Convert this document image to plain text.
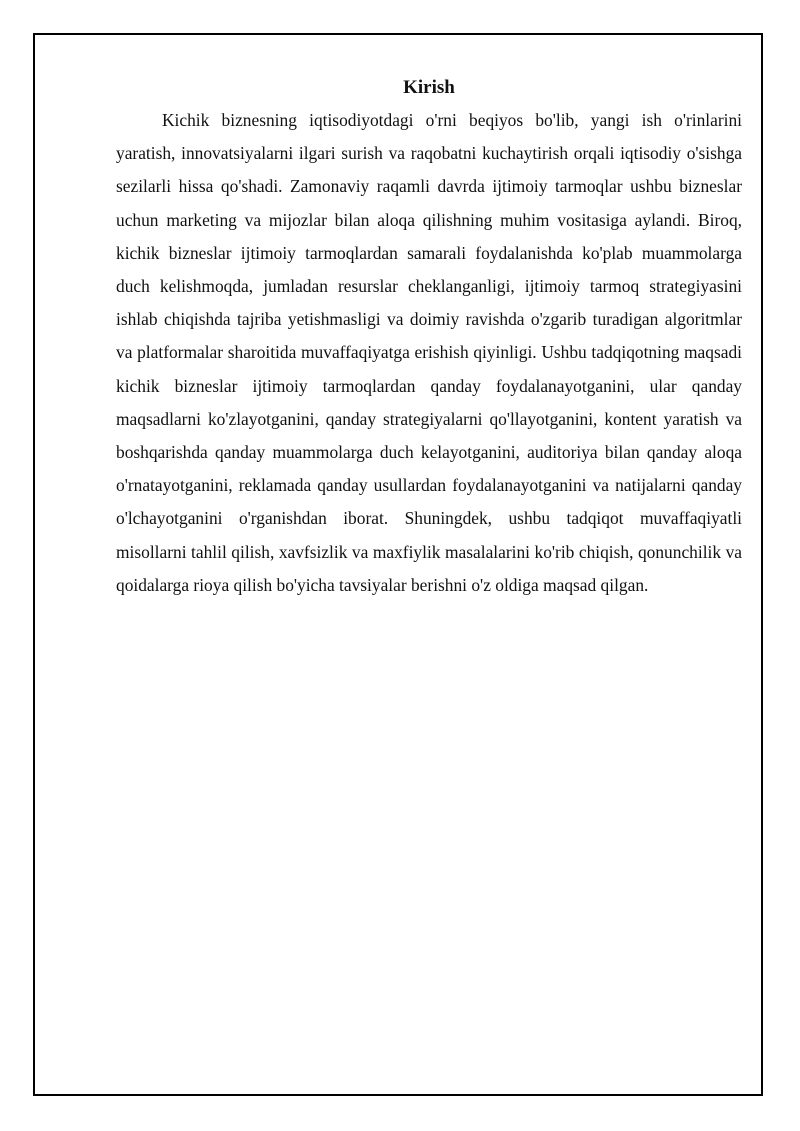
Kirish

Kichik biznesning iqtisodiyotdagi o'rni beqiyos bo'lib, yangi ish o'rinlarini yaratish, innovatsiyalarni ilgari surish va raqobatni kuchaytirish orqali iqtisodiy o'sishga sezilarli hissa qo'shadi. Zamonaviy raqamli davrda ijtimoiy tarmoqlar ushbu bizneslar uchun marketing va mijozlar bilan aloqa qilishning muhim vositasiga aylandi. Biroq, kichik bizneslar ijtimoiy tarmoqlardan samarali foydalanishda ko'plab muammolarga duch kelishmoqda, jumladan resurslar cheklanganligi, ijtimoiy tarmoq strategiyasini ishlab chiqishda tajriba yetishmasligi va doimiy ravishda o'zgarib turadigan algoritmlar va platformalar sharoitida muvaffaqiyatga erishish qiyinligi. Ushbu tadqiqotning maqsadi kichik bizneslar ijtimoiy tarmoqlardan qanday foydalanayotganini, ular qanday maqsadlarni ko'zlayotganini, qanday strategiyalarni qo'llayotganini, kontent yaratish va boshqarishda qanday muammolarga duch kelayotganini, auditoriya bilan qanday aloqa o'rnatayotganini, reklamada qanday usullardan foydalanayotganini va natijalarni qanday o'lchayotganini o'rganishdan iborat. Shuningdek, ushbu tadqiqot muvaffaqiyatli misollarni tahlil qilish, xavfsizlik va maxfiylik masalalarini ko'rib chiqish, qonunchilik va qoidalarga rioya qilish bo'yicha tavsiyalar berishni o'z oldiga maqsad qilgan.
